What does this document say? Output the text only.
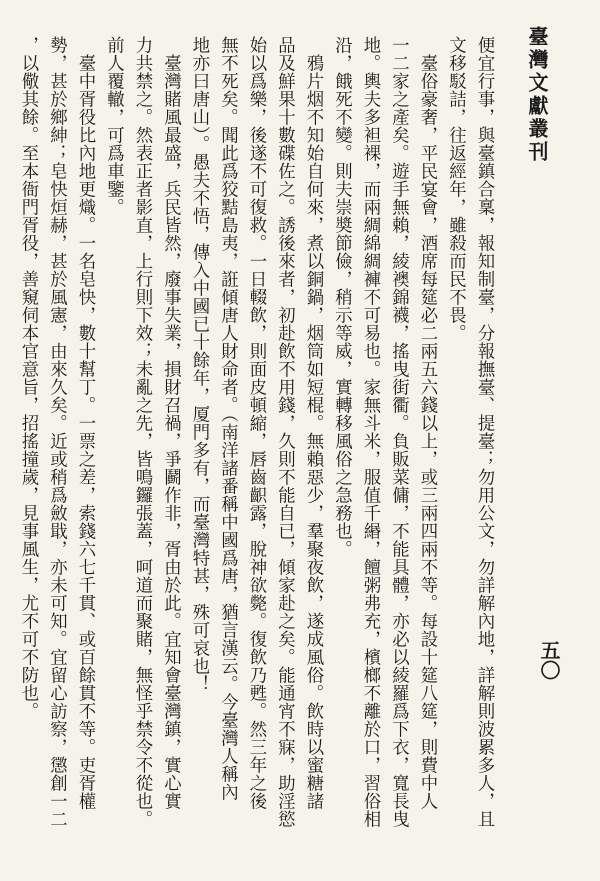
臺灣文獻叢刊
五〇
便宜行事，與臺鎮合稟，報知制臺，分報撫臺、提臺；勿用公文，勿詳解內地，詳解則波累多人，且
文移駁詰，往返經年，雖殺而民不畏。
臺俗豪奢，平民宴會，酒席每筵必二兩五六錢以上，或三兩四兩不等。每設十筵八筵，則費中人
一二家之產矣。遊手無賴，綾襖錦襪，搖曳街衢。負販菜傭，不能具體，亦必以綾羅爲下衣，寬長曳
地。輿夫多袒裸，而兩綢綿綢褲不可易也。家無斗米，服值千緡，饘粥弗充，檳榔不離於口，習俗相
沿，餓死不變。則夫崇奬節儉，稍示等威，實轉移風俗之急務也。
鴉片烟不知始自何來，煮以銅鍋，烟筒如短棍。無賴惡少，羣聚夜飲，遂成風俗。飲時以蜜糖諸
品及鮮果十數碟佐之。誘後來者，初赴飲不用錢，久則不能自已，傾家赴之矣。能通宵不寐，助淫慾
始以爲樂，後遂不可復救。一日輟飲，則面皮頓縮，唇齒齞露，脫神欲斃。復飲乃甦。然三年之後
無不死矣。聞此爲狡黠島夷，誑傾唐人財命者。（南洋諸番稱中國爲唐，猶言漢云。今臺灣人稱內
地亦曰唐山）。愚夫不悟，傳入中國已十餘年，厦門多有，而臺灣特甚，殊可哀也！
臺灣賭風最盛，兵民皆然，廢事失業，損財召禍，爭鬬作非，胥由於此。宜知會臺灣鎮，實心實
力共禁之。然表正者影直，上行則下效；未亂之先，皆鳴鑼張蓋，呵道而聚賭，無怪乎禁令不從也。
前人覆轍，可爲車鑒。
臺中胥役比內地更熾。一名皂快，數十幫丁。一票之差，索錢六七千貫、或百餘貫不等。吏胥權
勢，甚於鄉紳；皂快烜赫，甚於風憲，由來久矣。近或稍爲斂戢，亦未可知。宜留心訪察，懲創一二
，以儆其餘。至本衙門胥役，善窺伺本官意旨，招搖撞歲，見事風生，尤不可不防也。
